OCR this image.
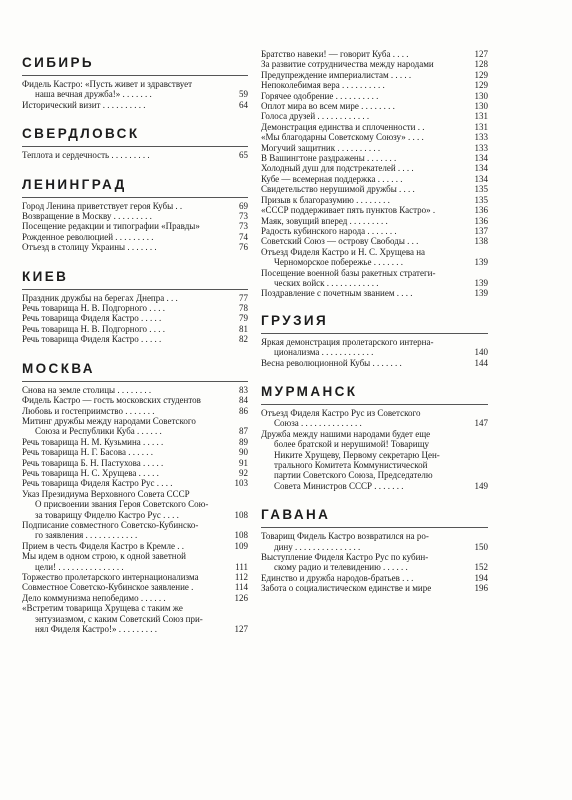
СИБИРЬ
Фидель Кастро: «Пусть живет и здравствует
наша вечная дружба!» . . . . . . .	59
Исторический визит . . . . . . . . . .	64
СВЕРДЛОВСК
Теплота и сердечность . . . . . . . . .	65
ЛЕНИНГРАД
Город Ленина приветствует героя Кубы . .	69
Возвращение в Москву . . . . . . . . .	73
Посещение редакции и типографии «Правды»	73
Рожденное революцией . . . . . . . . .	74
Отъезд в столицу Украины . . . . . . .	76
КИЕВ
Праздник дружбы на берегах Днепра . . .	77
Речь товарища Н. В. Подгорного . . . .	78
Речь товарища Фиделя Кастро . . . . .	79
Речь товарища Н. В. Подгорного . . . .	81
Речь товарища Фиделя Кастро . . . . .	82
МОСКВА
Снова на земле столицы . . . . . . . .	83
Фидель Кастро — гость московских студентов	84
Любовь и гостеприимство . . . . . . .	86
Митинг дружбы между народами Советского
Союза и Республики Куба . . . . . .	87
Речь товарища Н. М. Кузьмина . . . . .	89
Речь товарища Н. Г. Басова . . . . . .	90
Речь товарища Б. Н. Пастухова . . . . .	91
Речь товарища Н. С. Хрущева . . . . .	92
Речь товарища Фиделя Кастро Рус . . . .	103
Указ Президиума Верховного Совета СССР
О присвоении звания Героя Советского Сою-
за товарищу Фиделю Кастро Рус . . . .	108
Подписание совместного Советско-Кубинско-
го заявления . . . . . . . . . . . .	108
Прием в честь Фиделя Кастро в Кремле . .	109
Мы идем в одном строю, к одной заветной
цели! . . . . . . . . . . . . . . .	111
Торжество пролетарского интернационализма	112
Совместное Советско-Кубинское заявление .	114
Дело коммунизма непобедимо . . . . . .	126
«Встретим товарища Хрущева с таким же
энтузиазмом, с каким Советский Союз при-
нял Фиделя Кастро!» . . . . . . . . .	127
Братство навеки! — говорит Куба . . . .	127
За развитие сотрудничества между народами	128
Предупреждение империалистам . . . . .	129
Непоколебимая вера . . . . . . . . . .	129
Горячее одобрение . . . . . . . . . .	130
Оплот мира во всем мире . . . . . . . .	130
Голоса друзей . . . . . . . . . . . .	131
Демонстрация единства и сплоченности . .	131
«Мы благодарны Советскому Союзу» . . . .	133
Могучий защитник . . . . . . . . . .	133
В Вашингтоне раздражены . . . . . . .	134
Холодный душ для подстрекателей . . . .	134
Кубе — всемерная поддержка . . . . . .	134
Свидетельство нерушимой дружбы . . . .	135
Призыв к благоразумию . . . . . . . .	135
«СССР поддерживает пять пунктов Кастро» .	136
Маяк, зовущий вперед . . . . . . . . .	136
Радость кубинского народа . . . . . . .	137
Советский Союз — острову Свободы . . .	138
Отъезд Фиделя Кастро и Н. С. Хрущева на
Черноморское побережье . . . . . . .	139
Посещение военной базы ракетных стратеги-
ческих войск . . . . . . . . . . . .	139
Поздравление с почетным званием . . . .	139
ГРУЗИЯ
Яркая демонстрация пролетарского интерна-
ционализма . . . . . . . . . . . .	140
Весна революционной Кубы . . . . . . .	144
МУРМАНСК
Отъезд Фиделя Кастро Рус из Советского
Союза . . . . . . . . . . . . . .	147
Дружба между нашими народами будет еще
более братской и нерушимой! Товарищу
Никите Хрущеву, Первому секретарю Цен-
трального Комитета Коммунистической
партии Советского Союза, Председателю
Совета Министров СССР . . . . . . .	149
ГАВАНА
Товарищ Фидель Кастро возвратился на ро-
дину . . . . . . . . . . . . . . .	150
Выступление Фиделя Кастро Рус по кубин-
скому радио и телевидению . . . . . .	152
Единство и дружба народов-братьев . . .	194
Забота о социалистическом единстве и мире	196
